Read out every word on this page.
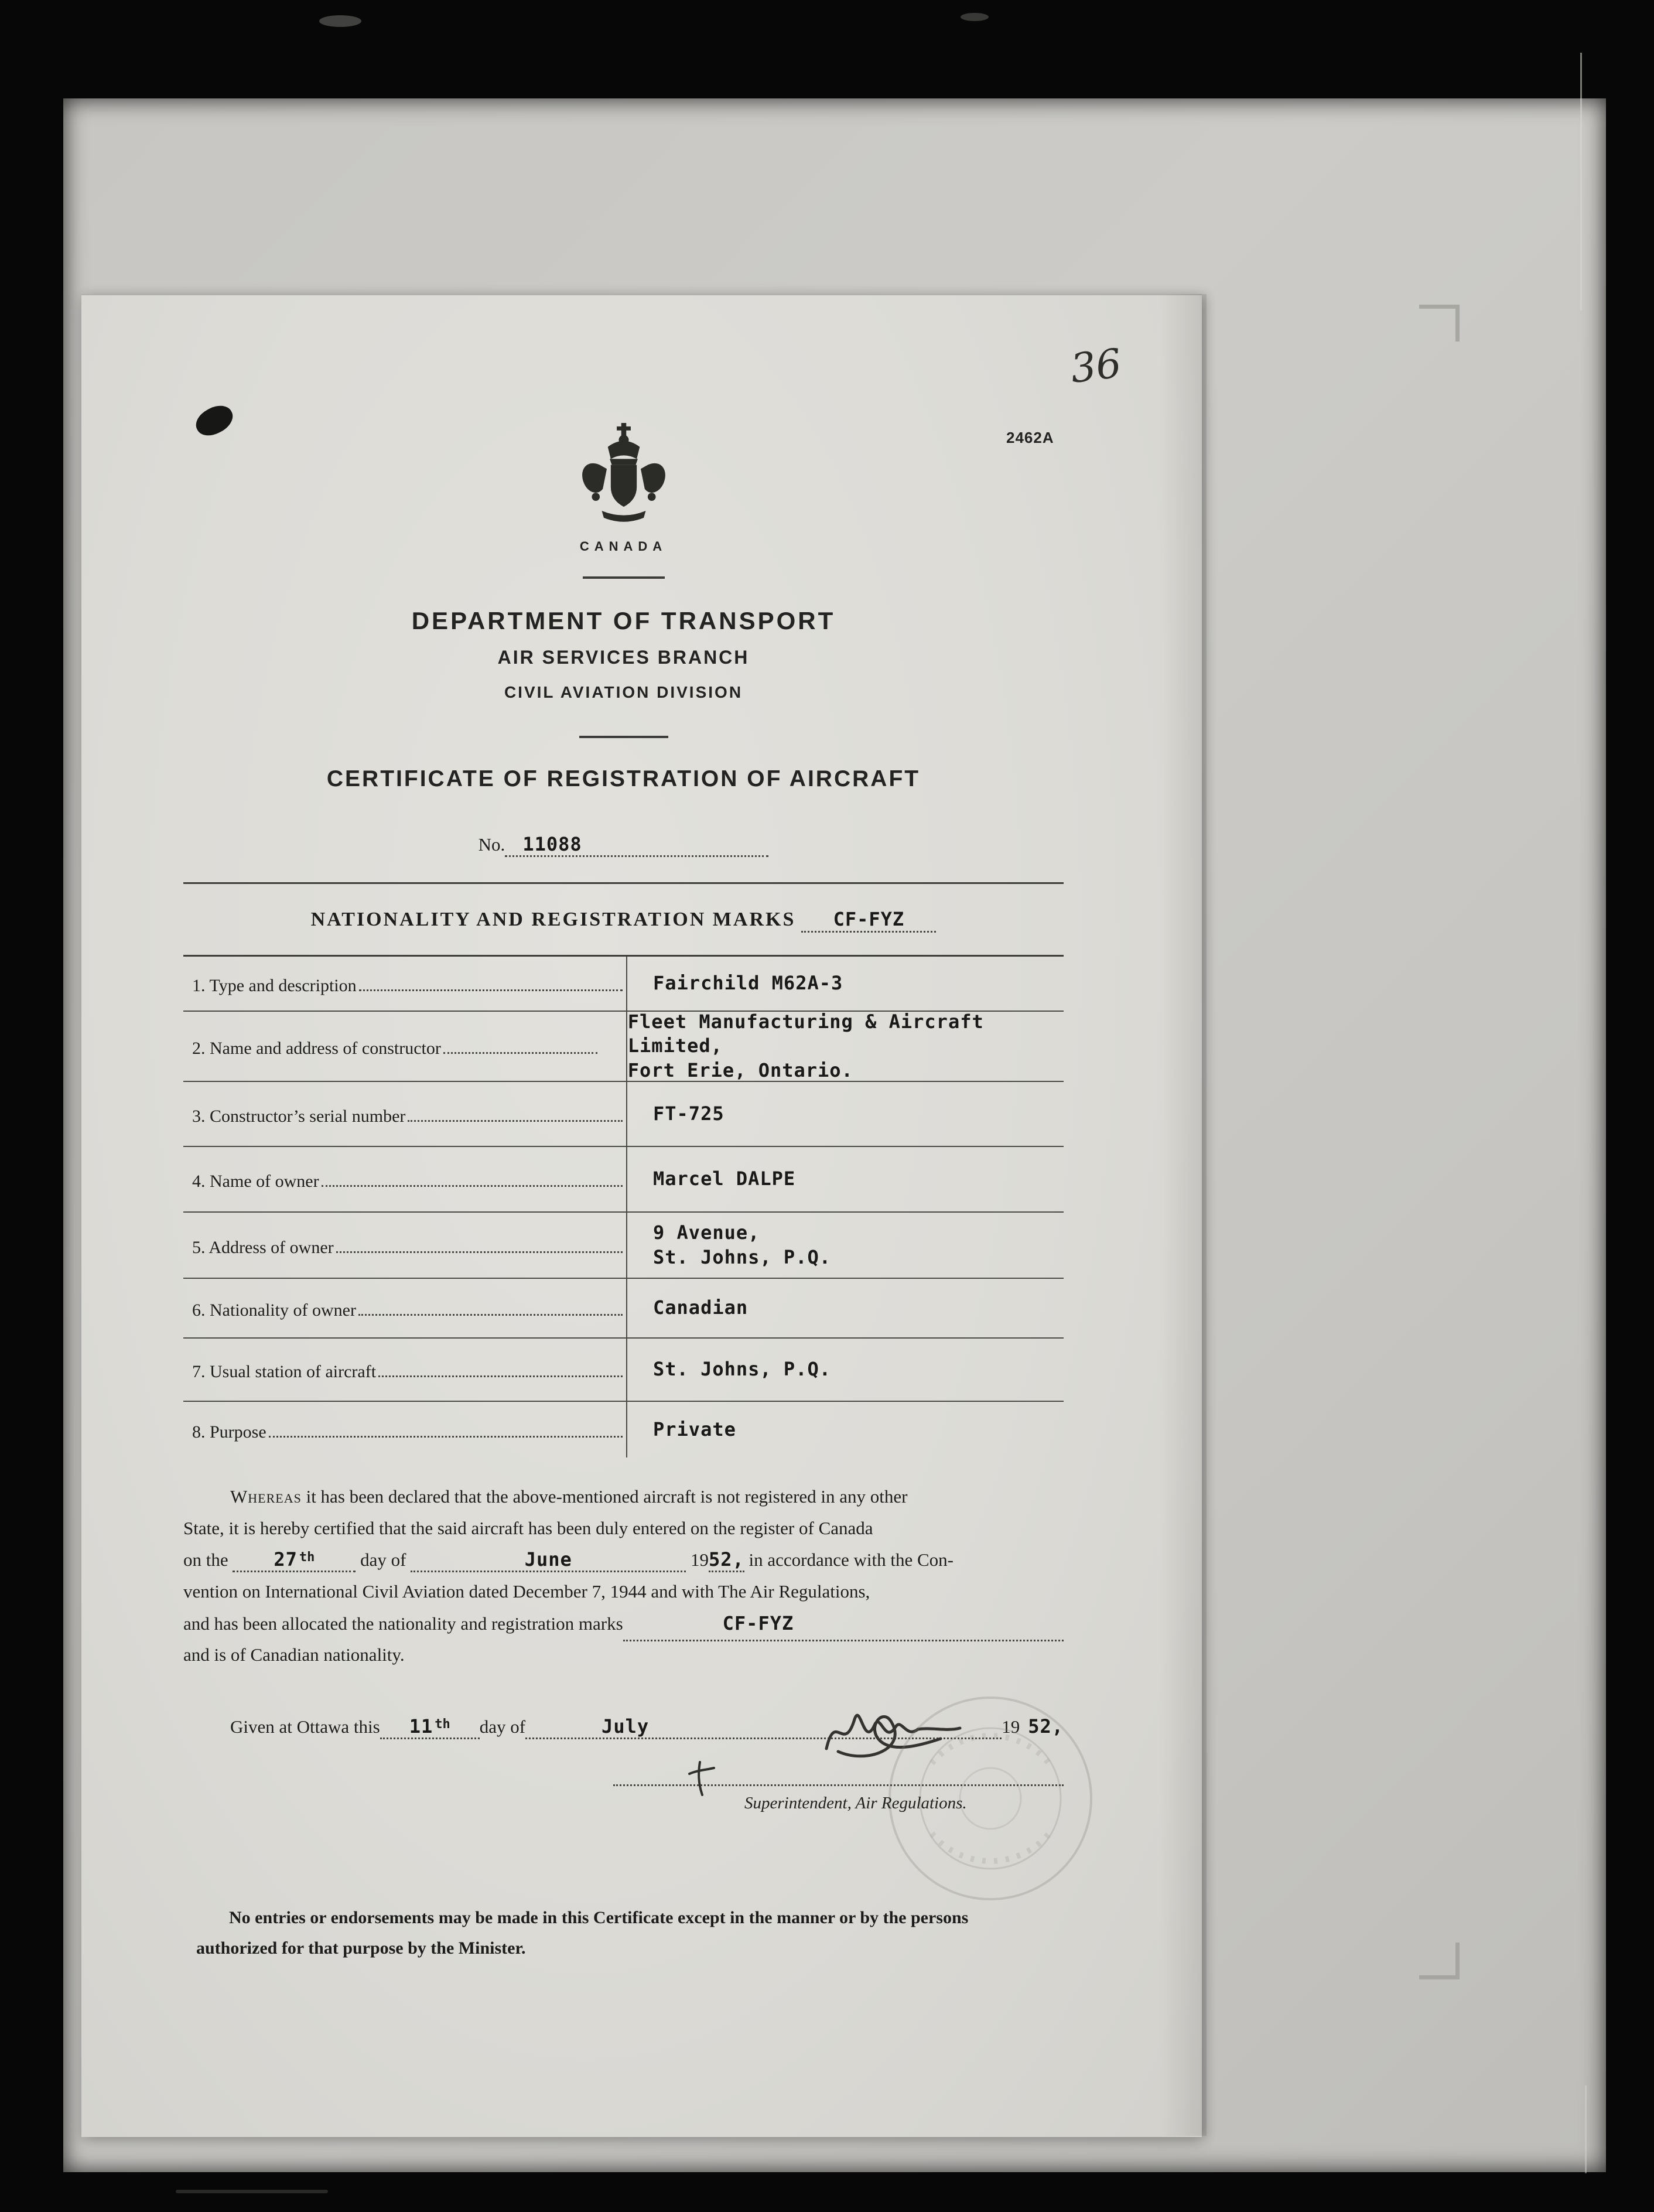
36
2462A
CANADA
DEPARTMENT OF TRANSPORT
AIR SERVICES BRANCH
CIVIL AVIATION DIVISION
CERTIFICATE OF REGISTRATION OF AIRCRAFT
No. 11088
NATIONALITY AND REGISTRATION MARKS	CF-FYZ
1. Type and description	Fairchild M62A-3
2. Name and address of constructor
Fleet Manufacturing & Aircraft Limited,
Fort Erie, Ontario.
3. Constructor’s serial number	FT-725
4. Name of owner	Marcel DALPE
5. Address of owner
9 Avenue,
St. Johns, P.Q.
6. Nationality of owner	Canadian
7. Usual station of aircraft	St. Johns, P.Q.
8. Purpose	Private
Whereas it has been declared that the above-mentioned aircraft is not registered in any other
State, it is hereby certified that the said aircraft has been duly entered on the register of Canada
on the 27 $^{th}$	day of	June	1952, in accordance with the Con-
vention on International Civil Aviation dated December 7, 1944 and with The Air Regulations,
and has been allocated the nationality and registration marks	CF-FYZ
and is of Canadian nationality.
Given at Ottawa this	11 $^{th}$	day of	July	19 52,
Superintendent, Air Regulations.
No entries or endorsements may be made in this Certificate except in the manner or by the persons
authorized for that purpose by the Minister.
